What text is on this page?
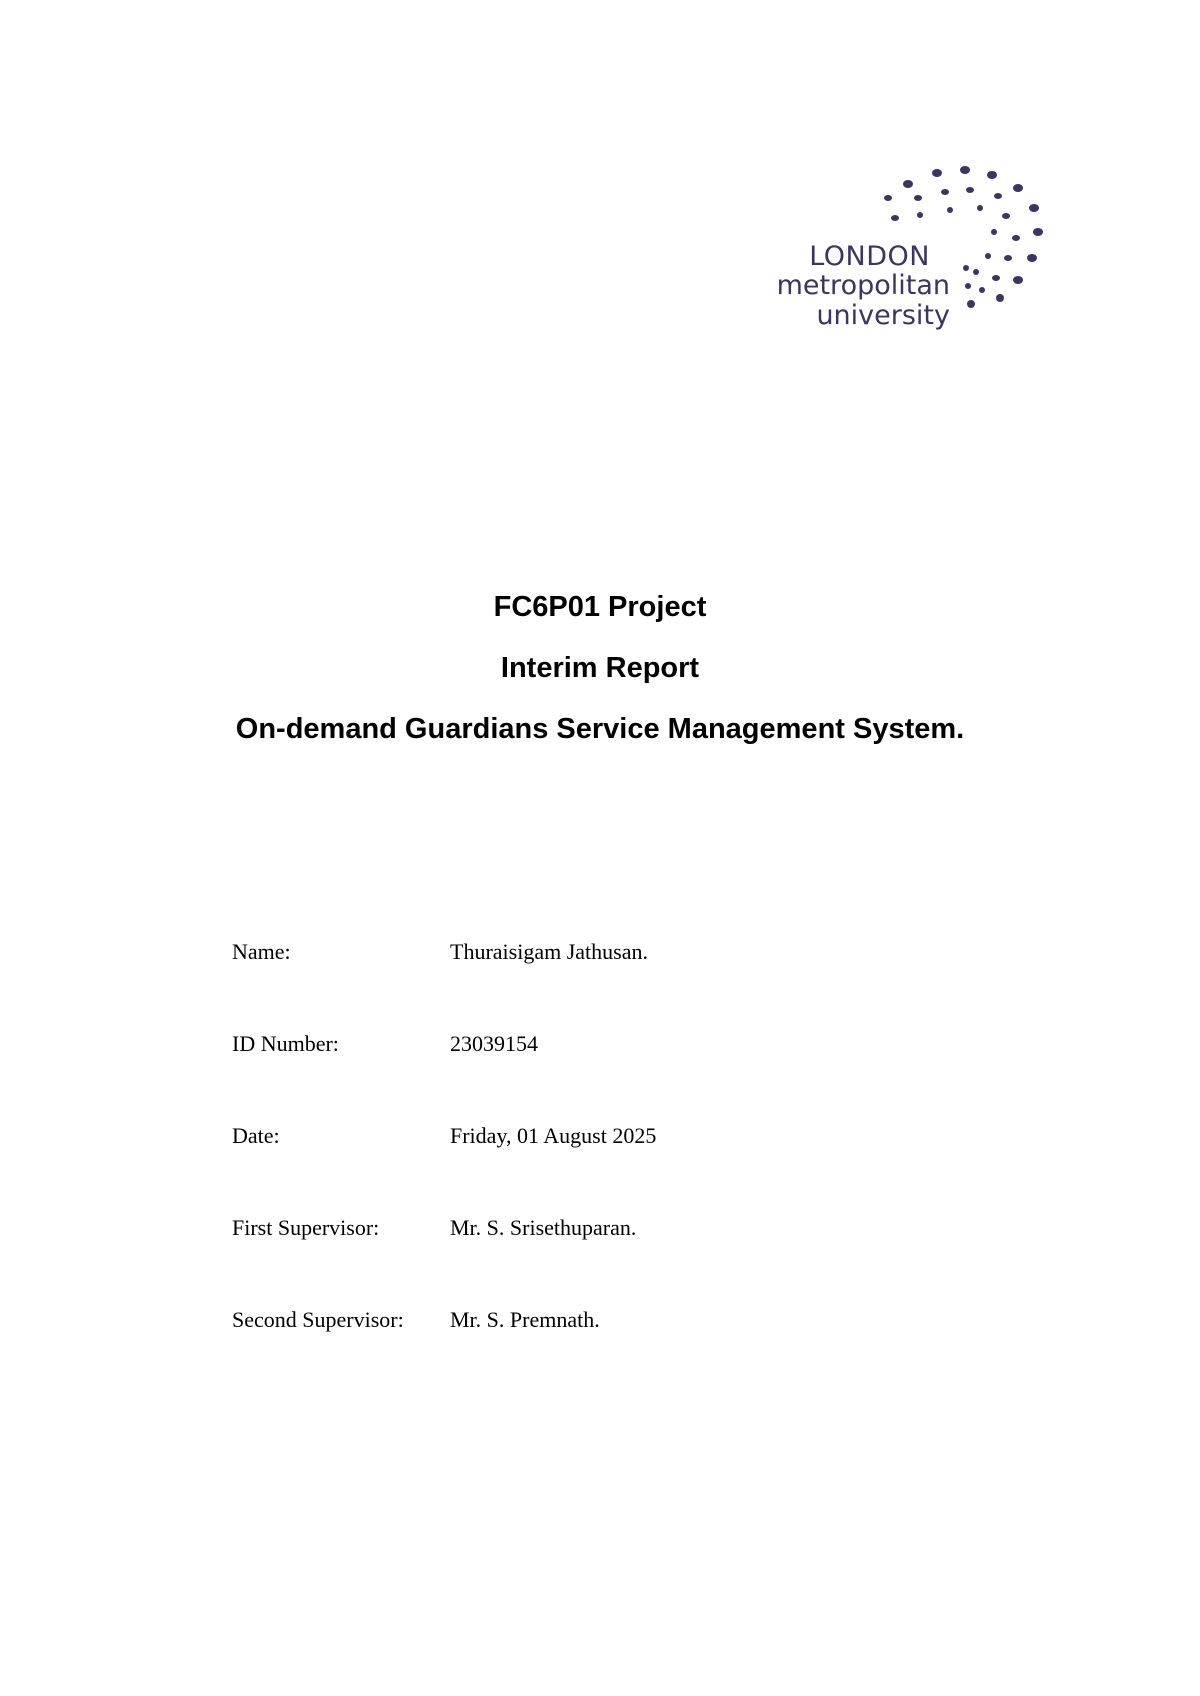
LONDON
metropolitan
university
FC6P01 Project
Interim Report
On-demand Guardians Service Management System.
Name:	Thuraisigam Jathusan.
ID Number:	23039154
Date:	Friday, 01 August 2025
First Supervisor:	Mr. S. Srisethuparan.
Second Supervisor:	Mr. S. Premnath.
